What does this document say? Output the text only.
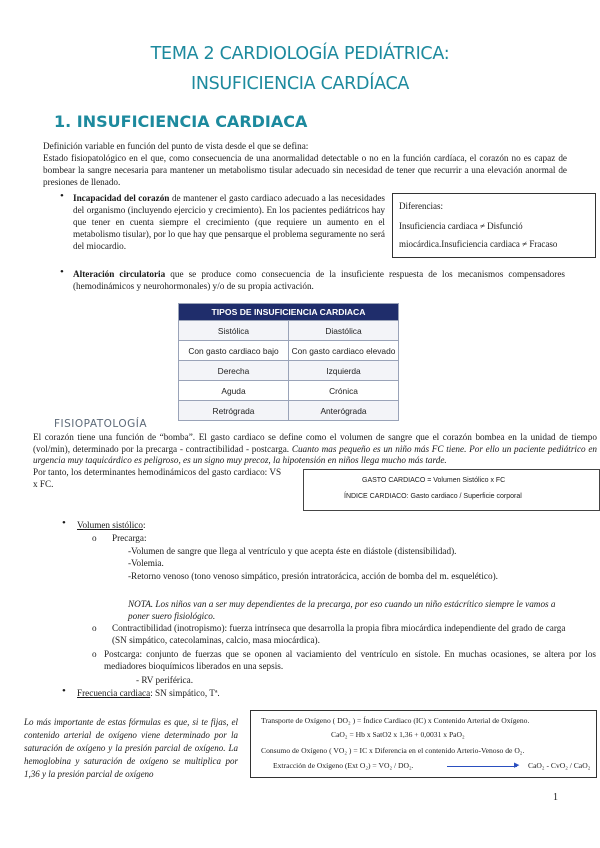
TEMA 2 CARDIOLOGÍA PEDIÁTRICA:
INSUFICIENCIA CARDÍACA
1. INSUFICIENCIA CARDIACA
Definición variable en función del punto de vista desde el que se defina:
Estado fisiopatológico en el que, como consecuencia de una anormalidad detectable o no en la función cardíaca, el corazón no es capaz de bombear la sangre necesaria para mantener un metabolismo tisular adecuado sin necesidad de tener que recurrir a una elevación anormal de presiones de llenado.
• Incapacidad del corazón de mantener el gasto cardiaco adecuado a las necesidades del organismo (incluyendo ejercicio y crecimiento). En los pacientes pediátricos hay que tener en cuenta siempre el crecimiento (que requiere un aumento en el metabolismo tisular), por lo que hay que pensarque el problema seguramente no será del miocardio.
Diferencias:
Insuficiencia cardiaca ≠ Disfunció
miocárdica.Insuficiencia cardiaca ≠ Fracaso
• Alteración circulatoria que se produce como consecuencia de la insuficiente respuesta de los mecanismos compensadores (hemodinámicos y neurohormonales) y/o de su propia activación.
TIPOS DE INSUFICIENCIA CARDIACA	
Sistólica	Diastólica
Con gasto cardiaco bajo	Con gasto cardiaco elevado
Derecha	Izquierda
Aguda	Crónica
Retrógrada	Anterógrada
FISIOPATOLOGÍA
El corazón tiene una función de “bomba”. El gasto cardiaco se define como el volumen de sangre que el corazón bombea en la unidad de tiempo (vol/min), determinado por la precarga - contractibilidad - postcarga. Cuanto mas pequeño es un niño más FC tiene. Por ello un paciente pediátrico en urgencia muy taquicárdico es peligroso, es un signo muy precoz, la hipotensión en niños llega mucho más tarde.
Por tanto, los determinantes hemodinámicos del gasto cardiaco: VS x FC.	GASTO CARDIACO = Volumen Sistólico x FC
ÍNDICE CARDIACO: Gasto cardiaco / Superficie corporal
• Volumen sistólico:
o Precarga:
-Volumen de sangre que llega al ventrículo y que acepta éste en diástole (distensibilidad).
-Volemia.
-Retorno venoso (tono venoso simpático, presión intratorácica, acción de bomba del m. esquelético).
NOTA. Los niños van a ser muy dependientes de la precarga, por eso cuando un niño estácrítico siempre le vamos a poner suero fisiológico.
o Contractibilidad (inotropismo): fuerza intrínseca que desarrolla la propia fibra miocárdica independiente del grado de carga (SN simpático, catecolaminas, calcio, masa miocárdica).
o Postcarga: conjunto de fuerzas que se oponen al vaciamiento del ventrículo en sístole. En muchas ocasiones, se altera por los mediadores bioquímicos liberados en una sepsis.
- RV periférica.
• Frecuencia cardiaca: SN simpático, Tª.
Lo más importante de estas fórmulas es que, si te fijas, el contenido arterial de oxígeno viene determinado por la saturación de oxígeno y la presión parcial de oxígeno. La hemoglobina y saturación de oxígeno se multiplica por 1,36 y la presión parcial de oxígeno
Transporte de Oxígeno ( DO₂ ) = Índice Cardiaco (IC) x Contenido Arterial de Oxígeno.
CaO₂ = Hb x SatO2 x 1,36 + 0,0031 x PaO₂
Consumo de Oxígeno ( VO₂ ) = IC x Diferencia en el contenido Arterio-Venoso de O₂.
Extracción de Oxígeno (Ext O₂) = VO₂ / DO₂.	▶ CaO₂ - CvO₂ / CaO₂
1
